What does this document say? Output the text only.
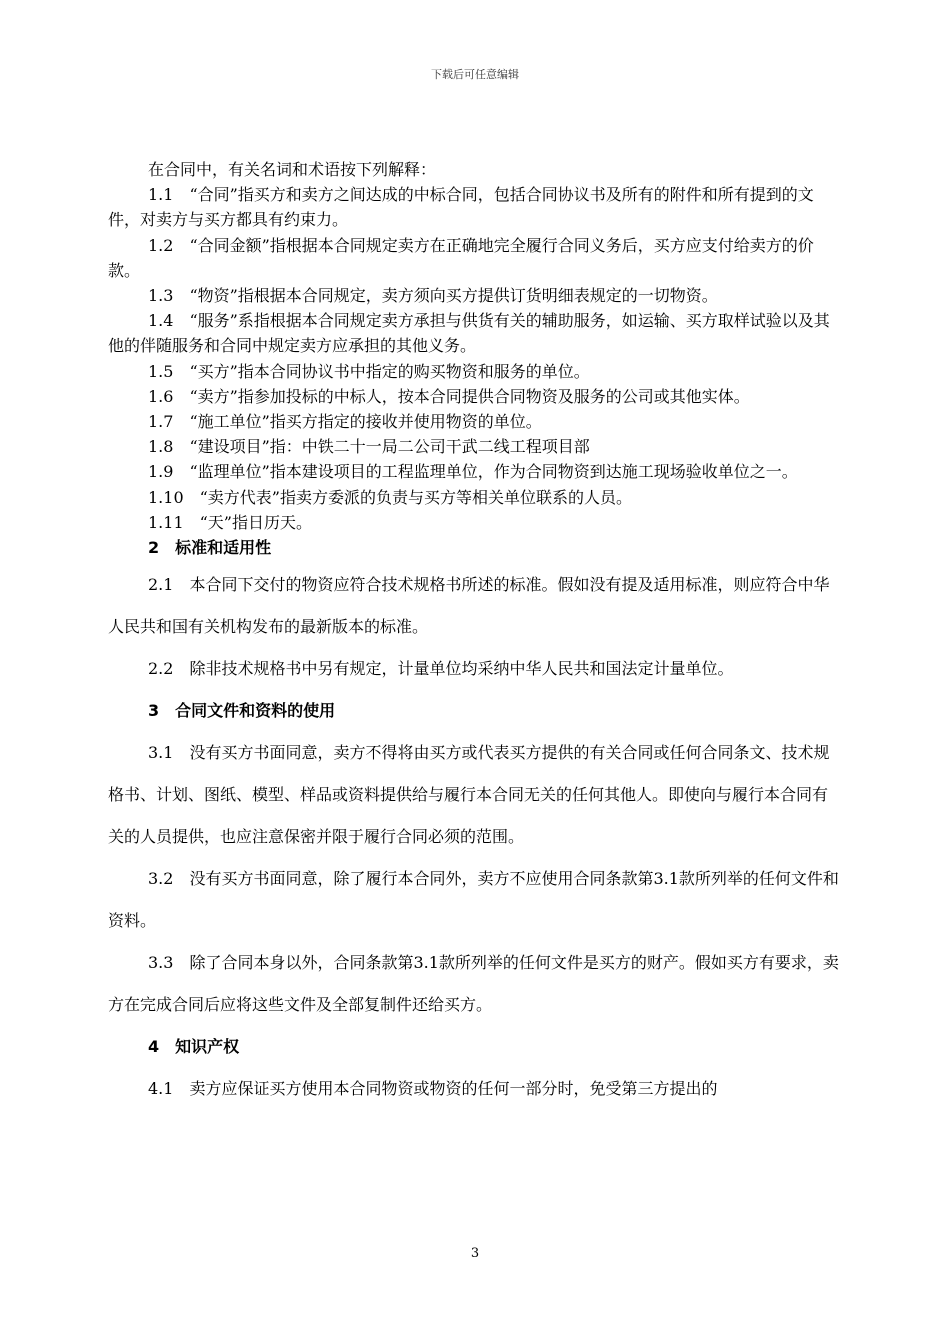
下载后可任意编辑

在合同中，有关名词和术语按下列解释：

1.1　“合同”指买方和卖方之间达成的中标合同，包括合同协议书及所有的附件和所有提到的文件，对卖方与买方都具有约束力。

1.2　“合同金额”指根据本合同规定卖方在正确地完全履行合同义务后，买方应支付给卖方的价款。

1.3　“物资”指根据本合同规定，卖方须向买方提供订货明细表规定的一切物资。

1.4　“服务”系指根据本合同规定卖方承担与供货有关的辅助服务，如运输、买方取样试验以及其他的伴随服务和合同中规定卖方应承担的其他义务。

1.5　“买方”指本合同协议书中指定的购买物资和服务的单位。

1.6　“卖方”指参加投标的中标人，按本合同提供合同物资及服务的公司或其他实体。

1.7　“施工单位”指买方指定的接收并使用物资的单位。

1.8　“建设项目”指：中铁二十一局二公司干武二线工程项目部

1.9　“监理单位”指本建设项目的工程监理单位，作为合同物资到达施工现场验收单位之一。

1.10　“卖方代表”指卖方委派的负责与买方等相关单位联系的人员。

1.11　“天”指日历天。

2　标准和适用性

2.1　本合同下交付的物资应符合技术规格书所述的标准。假如没有提及适用标准，则应符合中华人民共和国有关机构发布的最新版本的标准。

2.2　除非技术规格书中另有规定，计量单位均采纳中华人民共和国法定计量单位。

3　合同文件和资料的使用

3.1　没有买方书面同意，卖方不得将由买方或代表买方提供的有关合同或任何合同条文、技术规格书、计划、图纸、模型、样品或资料提供给与履行本合同无关的任何其他人。即使向与履行本合同有关的人员提供，也应注意保密并限于履行合同必须的范围。

3.2　没有买方书面同意，除了履行本合同外，卖方不应使用合同条款第3.1款所列举的任何文件和资料。

3.3　除了合同本身以外，合同条款第3.1款所列举的任何文件是买方的财产。假如买方有要求，卖方在完成合同后应将这些文件及全部复制件还给买方。

4　知识产权

4.1　卖方应保证买方使用本合同物资或物资的任何一部分时，免受第三方提出的

3
